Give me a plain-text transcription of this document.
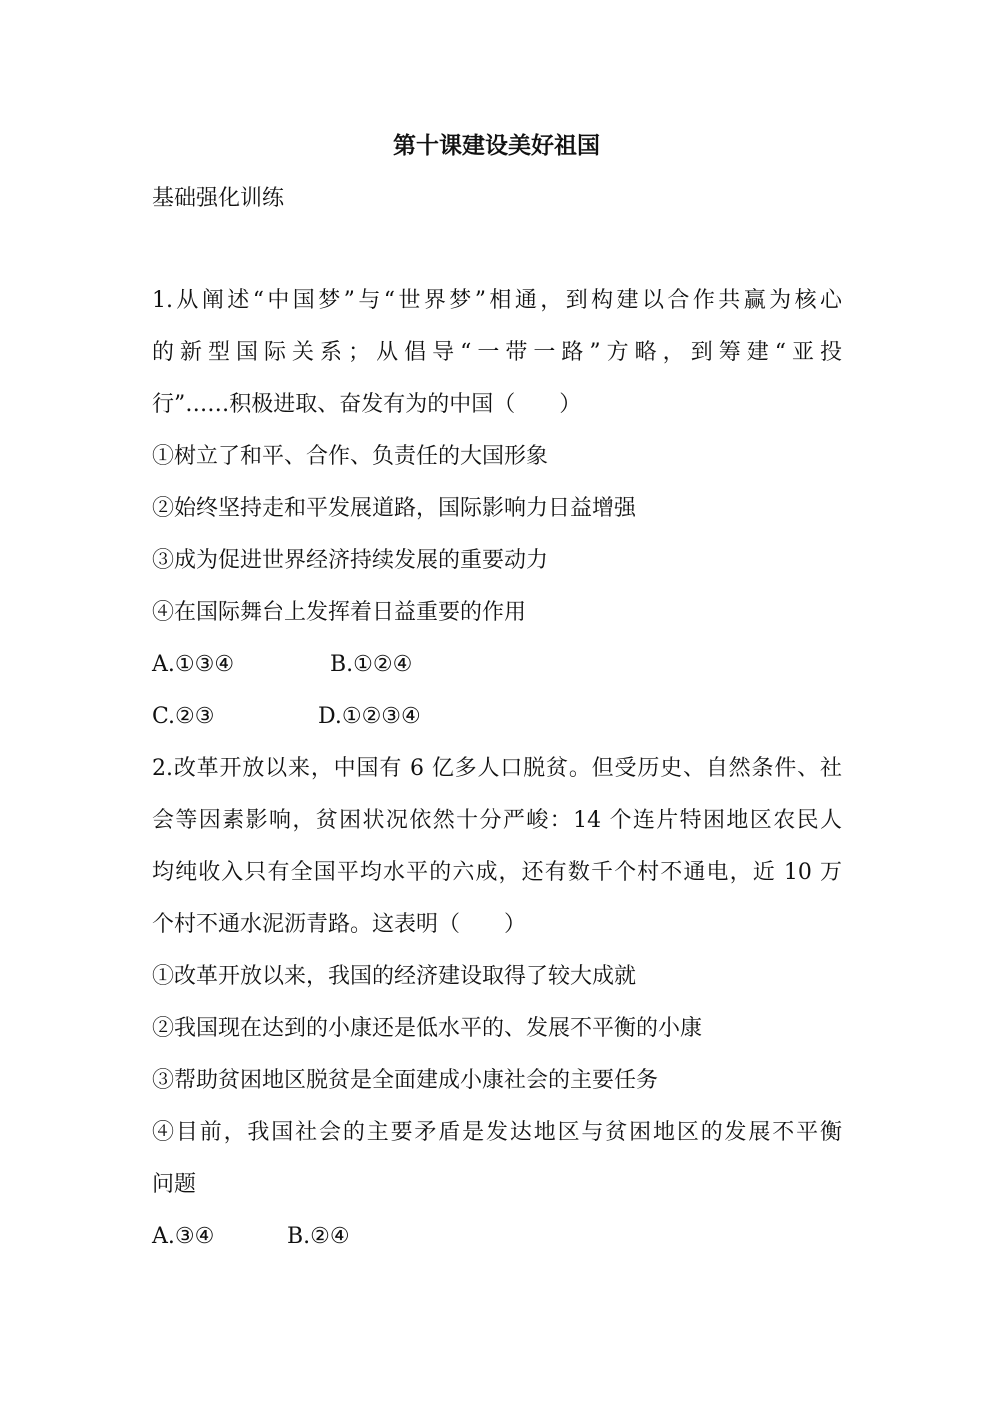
第十课建设美好祖国
基础强化训练
1.从阐述“中国梦”与“世界梦”相通，到构建以合作共赢为核心
的新型国际关系；从倡导“一带一路”方略，到筹建“亚投
行”……积极进取、奋发有为的中国（　　）
①树立了和平、合作、负责任的大国形象
②始终坚持走和平发展道路，国际影响力日益增强
③成为促进世界经济持续发展的重要动力
④在国际舞台上发挥着日益重要的作用
A.①③④	B.①②④
C.②③	D.①②③④
2.改革开放以来，中国有 6 亿多人口脱贫。但受历史、自然条件、社
会等因素影响，贫困状况依然十分严峻：14 个连片特困地区农民人
均纯收入只有全国平均水平的六成，还有数千个村不通电，近 10 万
个村不通水泥沥青路。这表明（　　）
①改革开放以来，我国的经济建设取得了较大成就
②我国现在达到的小康还是低水平的、发展不平衡的小康
③帮助贫困地区脱贫是全面建成小康社会的主要任务
④目前，我国社会的主要矛盾是发达地区与贫困地区的发展不平衡
问题
A.③④	B.②④
